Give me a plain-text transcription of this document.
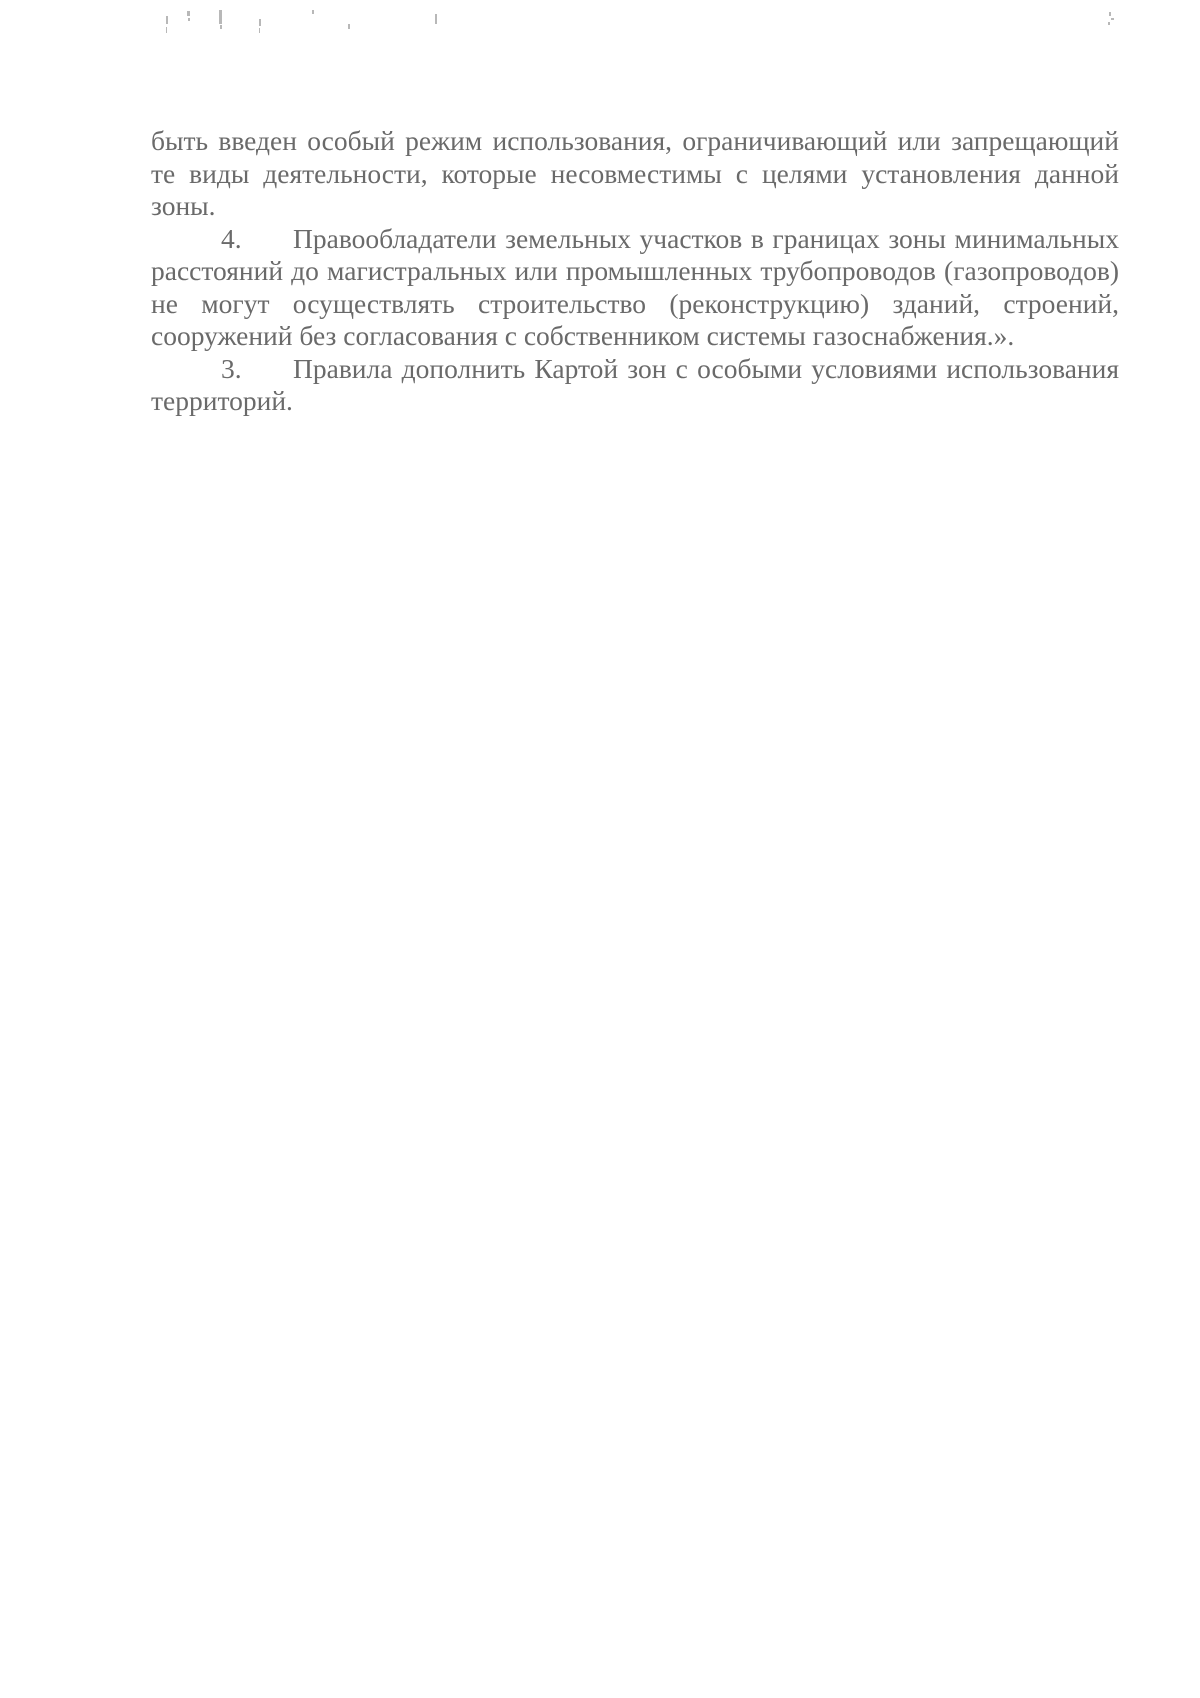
быть введен особый режим использования, ограничивающий или запрещающий те виды деятельности, которые несовместимы с целями установления данной зоны.

4. Правообладатели земельных участков в границах зоны минимальных расстояний до магистральных или промышленных трубопроводов (газопроводов) не могут осуществлять строительство (реконструкцию) зданий, строений, сооружений без согласования с собственником системы газоснабжения.».

3. Правила дополнить Картой зон с особыми условиями использования территорий.
